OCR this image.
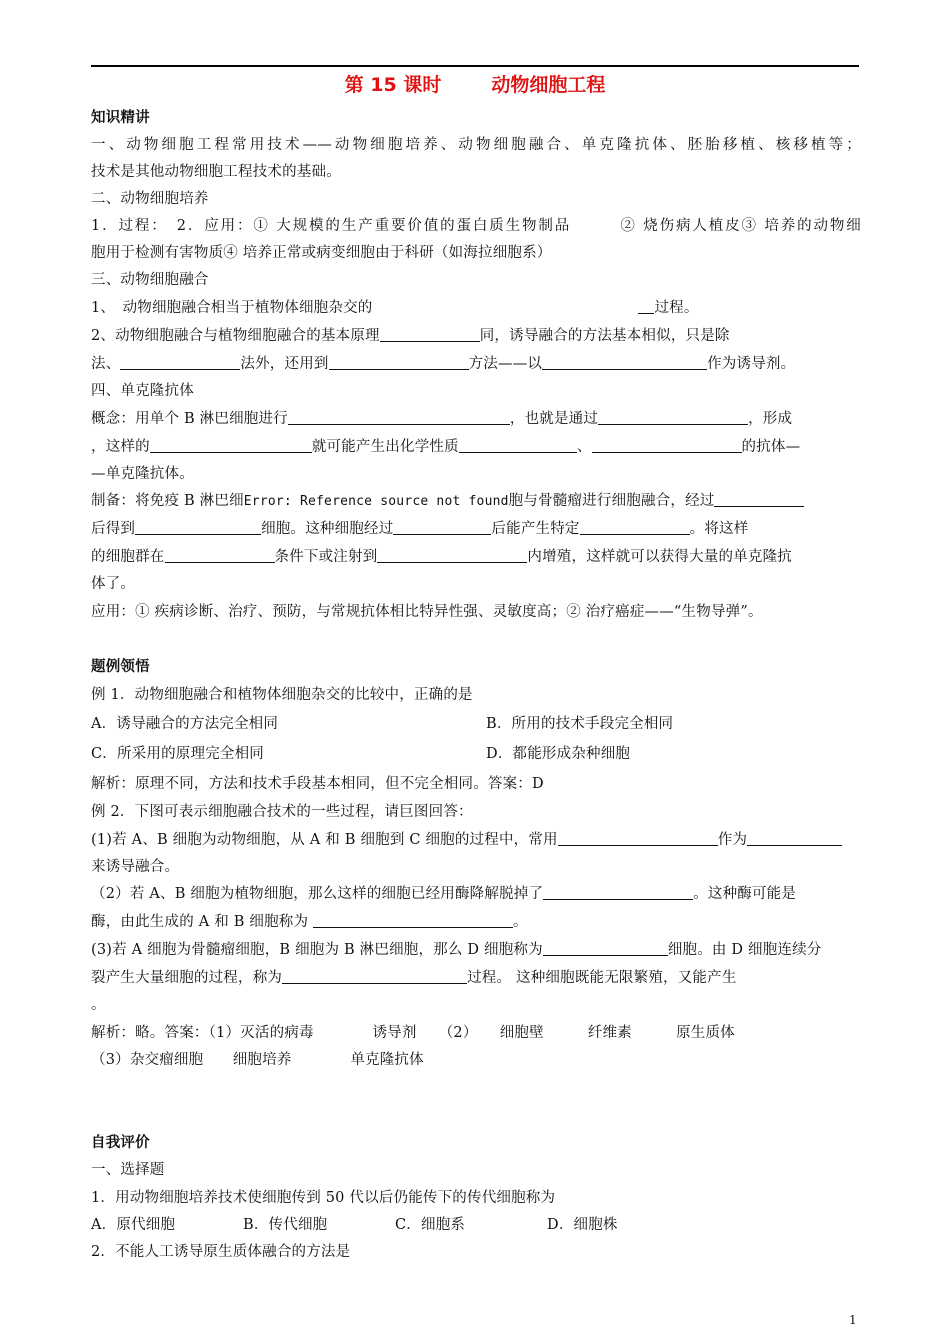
第 15 课时	动物细胞工程
知识精讲
一、动物细胞工程常用技术——动物细胞培养、动物细胞融合、单克隆抗体、胚胎移植、核移植等；
技术是其他动物细胞工程技术的基础。
二、动物细胞培养
1．过程：　2．应用：① 大规模的生产重要价值的蛋白质生物制品　　　② 烧伤病人植皮③ 培养的动物细
胞用于检测有害物质④ 培养正常或病变细胞由于科研（如海拉细胞系）
三、动物细胞融合
1、　动物细胞融合相当于植物体细胞杂交的	过程。
2、动物细胞融合与植物细胞融合的基本原理	同，诱导融合的方法基本相似，只是除
法、	法外，还用到	方法——以	作为诱导剂。
四、单克隆抗体
概念：用单个 B 淋巴细胞进行	，也就是通过	，形成
，这样的	就可能产生出化学性质	、	的抗体—
—单克隆抗体。
制备：将免疫 B 淋巴细Error: Reference source not found胞与骨髓瘤进行细胞融合，经过
后得到	细胞。这种细胞经过	后能产生特定	。将这样
的细胞群在	条件下或注射到	内增殖，这样就可以获得大量的单克隆抗
体了。
应用：① 疾病诊断、治疗、预防，与常规抗体相比特异性强、灵敏度高；② 治疗癌症——“生物导弹”。
题例领悟
例 1．动物细胞融合和植物体细胞杂交的比较中，正确的是
A．诱导融合的方法完全相同	B．所用的技术手段完全相同
C．所采用的原理完全相同	D．都能形成杂种细胞
解析：原理不同，方法和技术手段基本相同，但不完全相同。答案：D
例 2．下图可表示细胞融合技术的一些过程，请巨图回答：
(1)若 A、B 细胞为动物细胞，从 A 和 B 细胞到 C 细胞的过程中，常用	作为
来诱导融合。
（2）若 A、B 细胞为植物细胞，那么这样的细胞已经用酶降解脱掉了	。这种酶可能是
酶，由此生成的 A 和 B 细胞称为	。
(3)若 A 细胞为骨髓瘤细胞，B 细胞为 B 淋巴细胞，那么 D 细胞称为	细胞。由 D 细胞连续分
裂产生大量细胞的过程，称为	过程。 这种细胞既能无限繁殖，又能产生
。
解析：略。答案：（1）灭活的病毒　　　　诱导剂　　（2）　　细胞壁　　　纤维素　　　原生质体
（3）杂交瘤细胞　　细胞培养　　　　单克隆抗体
自我评价
一、选择题
1．用动物细胞培养技术使细胞传到 50 代以后仍能传下的传代细胞称为
A．原代细胞	B．传代细胞	C．细胞系	D．细胞株
2．不能人工诱导原生质体融合的方法是
1
